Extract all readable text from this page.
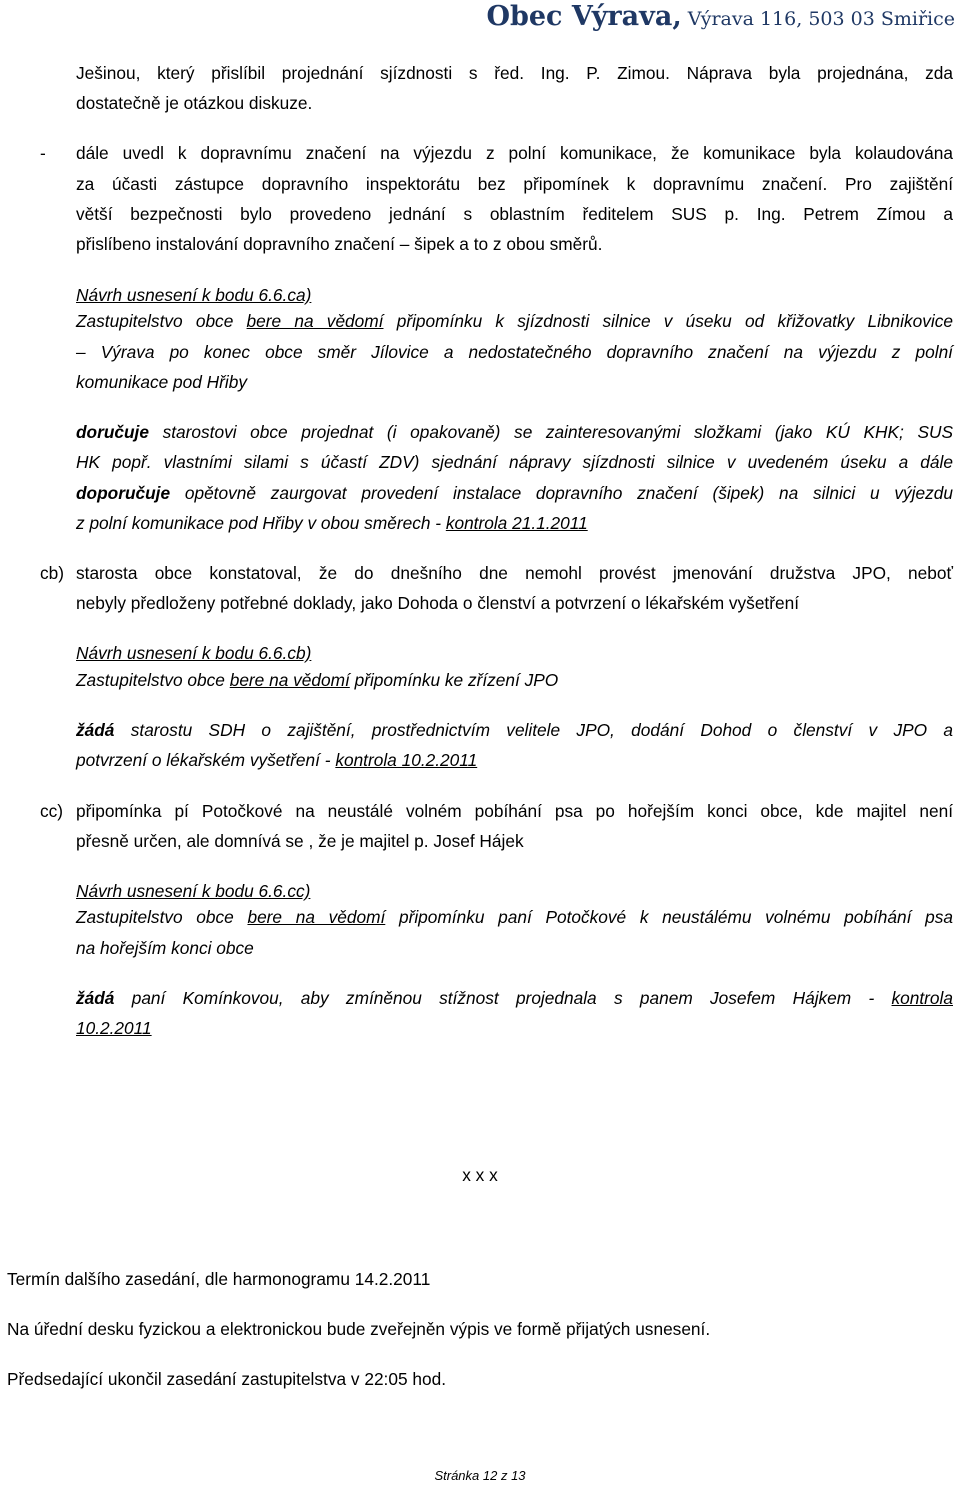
Obec Výrava, Výrava 116, 503 03 Smiřice
Ješinou, který přislíbil projednání sjízdnosti s řed. Ing. P. Zimou. Náprava byla projednána, zda
dostatečně je otázkou diskuze.
- dále uvedl k dopravnímu značení na výjezdu z polní komunikace, že komunikace byla kolaudována
za účasti zástupce dopravního inspektorátu bez připomínek k dopravnímu značení. Pro zajištění
větší bezpečnosti bylo provedeno jednání s oblastním ředitelem SUS p. Ing. Petrem Zímou a
přislíbeno instalování dopravního značení – šipek a to z obou směrů.
Návrh usnesení k bodu 6.6.ca)
Zastupitelstvo obce bere na vědomí připomínku k sjízdnosti silnice v úseku od křižovatky Libnikovice
– Výrava po konec obce směr Jílovice a nedostatečného dopravního značení na výjezdu z polní
komunikace pod Hřiby
doručuje starostovi obce projednat (i opakovaně) se zainteresovanými složkami (jako KÚ KHK; SUS
HK popř. vlastními silami s účastí ZDV) sjednání nápravy sjízdnosti silnice v uvedeném úseku a dále
doporučuje opětovně zaurgovat provedení instalace dopravního značení (šipek) na silnici u výjezdu
z polní komunikace pod Hřiby v obou směrech - kontrola 21.1.2011
cb) starosta obce konstatoval, že do dnešního dne nemohl provést jmenování družstva JPO, neboť
nebyly předloženy potřebné doklady, jako Dohoda o členství a potvrzení o lékařském vyšetření
Návrh usnesení k bodu 6.6.cb)
Zastupitelstvo obce bere na vědomí připomínku ke zřízení JPO
žádá starostu SDH o zajištění, prostřednictvím velitele JPO, dodání Dohod o členství v JPO a
potvrzení o lékařském vyšetření - kontrola 10.2.2011
cc) připomínka pí Potočkové na neustálé volném pobíhání psa po hořejším konci obce, kde majitel není
přesně určen, ale domnívá se , že je majitel p. Josef Hájek
Návrh usnesení k bodu 6.6.cc)
Zastupitelstvo obce bere na vědomí připomínku paní Potočkové k neustálému volnému pobíhání psa
na hořejším konci obce
žádá paní Komínkovou, aby zmíněnou stížnost projednala s panem Josefem Hájkem - kontrola
10.2.2011
x x x
Termín dalšího zasedání, dle harmonogramu 14.2.2011
Na úřední desku fyzickou a elektronickou bude zveřejněn výpis ve formě přijatých usnesení.
Předsedající ukončil zasedání zastupitelstva v 22:05 hod.
Stránka 12 z 13
